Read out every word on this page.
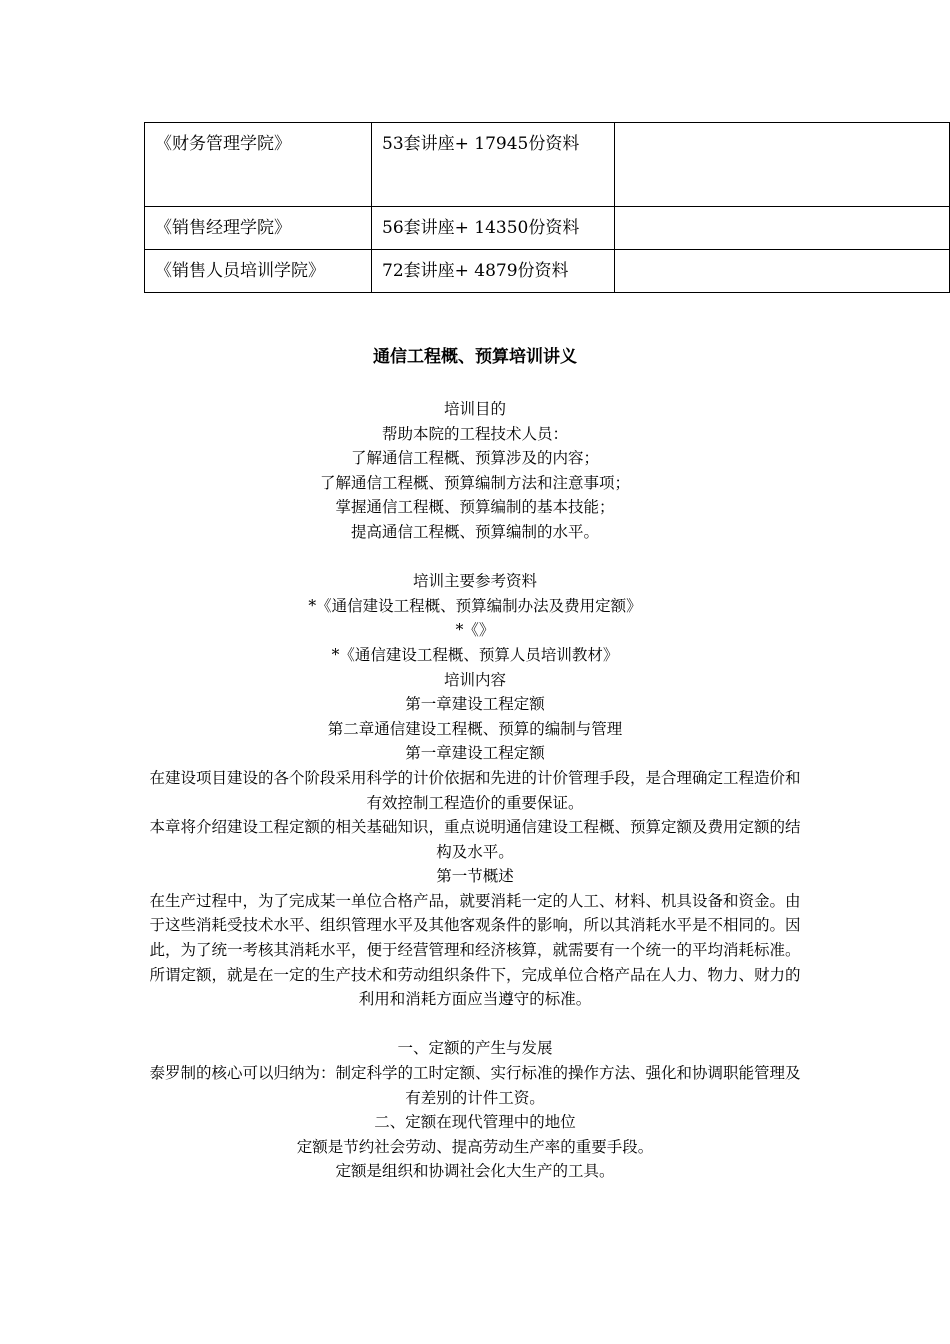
《财务管理学院》	53套讲座+ 17945份资料	

《销售经理学院》	56套讲座+ 14350份资料	
《销售人员培训学院》	72套讲座+ 4879份资料	

通信工程概、预算培训讲义

培训目的

帮助本院的工程技术人员：

了解通信工程概、预算涉及的内容；

了解通信工程概、预算编制方法和注意事项；

掌握通信工程概、预算编制的基本技能；

提高通信工程概、预算编制的水平。

培训主要参考资料

*《通信建设工程概、预算编制办法及费用定额》

*《》

*《通信建设工程概、预算人员培训教材》

培训内容

第一章建设工程定额

第二章通信建设工程概、预算的编制与管理

第一章建设工程定额

在建设项目建设的各个阶段采用科学的计价依据和先进的计价管理手段，是合理确定工程造价和有效控制工程造价的重要保证。

本章将介绍建设工程定额的相关基础知识，重点说明通信建设工程概、预算定额及费用定额的结构及水平。

第一节概述

在生产过程中，为了完成某一单位合格产品，就要消耗一定的人工、材料、机具设备和资金。由于这些消耗受技术水平、组织管理水平及其他客观条件的影响，所以其消耗水平是不相同的。因此，为了统一考核其消耗水平，便于经营管理和经济核算，就需要有一个统一的平均消耗标准。

所谓定额，就是在一定的生产技术和劳动组织条件下，完成单位合格产品在人力、物力、财力的利用和消耗方面应当遵守的标准。

一、定额的产生与发展

泰罗制的核心可以归纳为：制定科学的工时定额、实行标准的操作方法、强化和协调职能管理及有差别的计件工资。

二、定额在现代管理中的地位

定额是节约社会劳动、提高劳动生产率的重要手段。

定额是组织和协调社会化大生产的工具。
